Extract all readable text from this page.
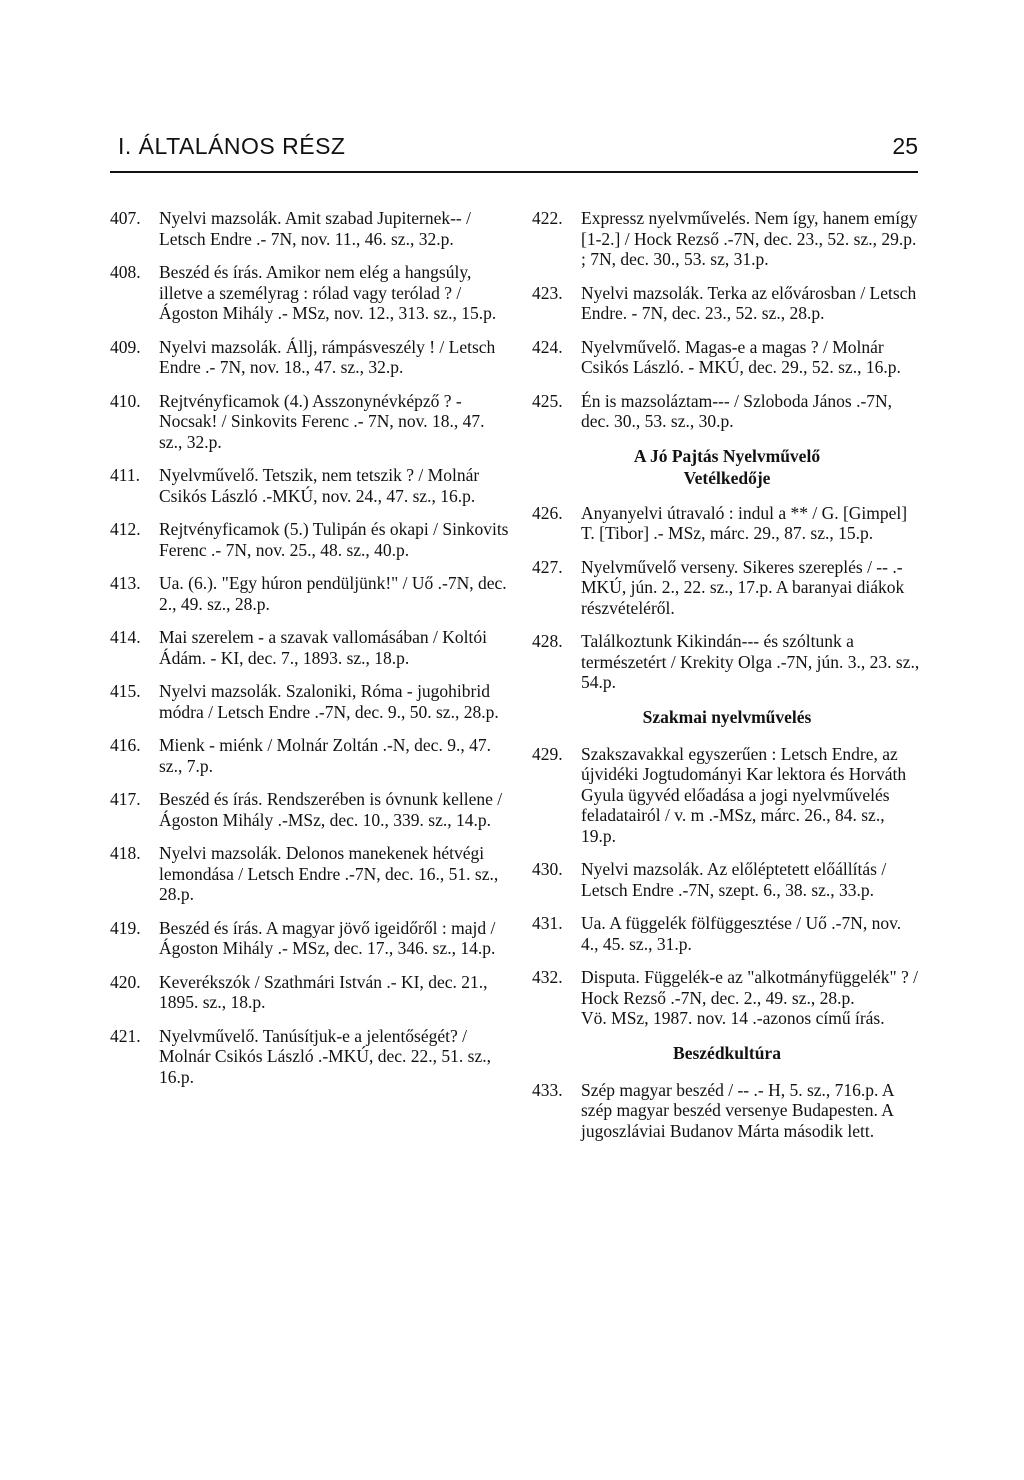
I. ÁLTALÁNOS RÉSZ	25
407.	Nyelvi mazsolák. Amit szabad Jupiternek-- / Letsch Endre .- 7N, nov. 11., 46. sz., 32.p.
408.	Beszéd és írás. Amikor nem elég a hangsúly, illetve a személyrag : rólad vagy terólad ? / Ágoston Mihály .- MSz, nov. 12., 313. sz., 15.p.
409.	Nyelvi mazsolák. Állj, rámpásveszély ! / Letsch Endre .- 7N, nov. 18., 47. sz., 32.p.
410.	Rejtvényficamok (4.) Asszonynévképző ? - Nocsak! / Sinkovits Ferenc .- 7N, nov. 18., 47. sz., 32.p.
411.	Nyelvművelő. Tetszik, nem tetszik ? / Molnár Csikós László .-MKÚ, nov. 24., 47. sz., 16.p.
412.	Rejtvényficamok (5.) Tulipán és okapi / Sinkovits Ferenc .- 7N, nov. 25., 48. sz., 40.p.
413.	Ua. (6.). "Egy húron pendüljünk!" / Uő .-7N, dec. 2., 49. sz., 28.p.
414.	Mai szerelem - a szavak vallomásában / Koltói Ádám. - KI, dec. 7., 1893. sz., 18.p.
415.	Nyelvi mazsolák. Szaloniki, Róma - jugohibrid módra / Letsch Endre .-7N, dec. 9., 50. sz., 28.p.
416.	Mienk - miénk / Molnár Zoltán .-N, dec. 9., 47. sz., 7.p.
417.	Beszéd és írás. Rendszerében is óvnunk kellene / Ágoston Mihály .-MSz, dec. 10., 339. sz., 14.p.
418.	Nyelvi mazsolák. Delonos manekenek hétvégi lemondása / Letsch Endre .-7N, dec. 16., 51. sz., 28.p.
419.	Beszéd és írás. A magyar jövő igeidőről : majd / Ágoston Mihály .- MSz, dec. 17., 346. sz., 14.p.
420.	Keverékszók / Szathmári István .- KI, dec. 21., 1895. sz., 18.p.
421.	Nyelvművelő. Tanúsítjuk-e a jelentőségét? / Molnár Csikós László .-MKÚ, dec. 22., 51. sz., 16.p.
422.	Expressz nyelvművelés. Nem így, hanem emígy [1-2.] / Hock Rezső .-7N, dec. 23., 52. sz., 29.p. ; 7N, dec. 30., 53. sz, 31.p.
423.	Nyelvi mazsolák. Terka az elővárosban / Letsch Endre. - 7N, dec. 23., 52. sz., 28.p.
424.	Nyelvművelő. Magas-e a magas ? / Molnár Csikós László. - MKÚ, dec. 29., 52. sz., 16.p.
425.	Én is mazsoláztam--- / Szloboda János .-7N, dec. 30., 53. sz., 30.p.
A Jó Pajtás Nyelvművelő
Vetélkedője
426.	Anyanyelvi útravaló : indul a ** / G. [Gimpel] T. [Tibor] .- MSz, márc. 29., 87. sz., 15.p.
427.	Nyelvművelő verseny. Sikeres szereplés / -- .- MKÚ, jún. 2., 22. sz., 17.p. A baranyai diákok részvételéről.
428.	Találkoztunk Kikindán--- és szóltunk a természetért / Krekity Olga .-7N, jún. 3., 23. sz., 54.p.
Szakmai nyelvművelés
429.	Szakszavakkal egyszerűen : Letsch Endre, az újvidéki Jogtudományi Kar lektora és Horváth Gyula ügyvéd előadása a jogi nyelvművelés feladatairól / v. m .-MSz, márc. 26., 84. sz., 19.p.
430.	Nyelvi mazsolák. Az előléptetett előállítás / Letsch Endre .-7N, szept. 6., 38. sz., 33.p.
431.	Ua. A függelék fölfüggesztése / Uő .-7N, nov. 4., 45. sz., 31.p.
432.	Disputa. Függelék-e az "alkotmányfüggelék" ? / Hock Rezső .-7N, dec. 2., 49. sz., 28.p.
Vö. MSz, 1987. nov. 14 .-azonos című írás.
Beszédkultúra
433.	Szép magyar beszéd / -- .- H, 5. sz., 716.p. A szép magyar beszéd versenye Budapesten. A jugoszláviai Budanov Márta második lett.
